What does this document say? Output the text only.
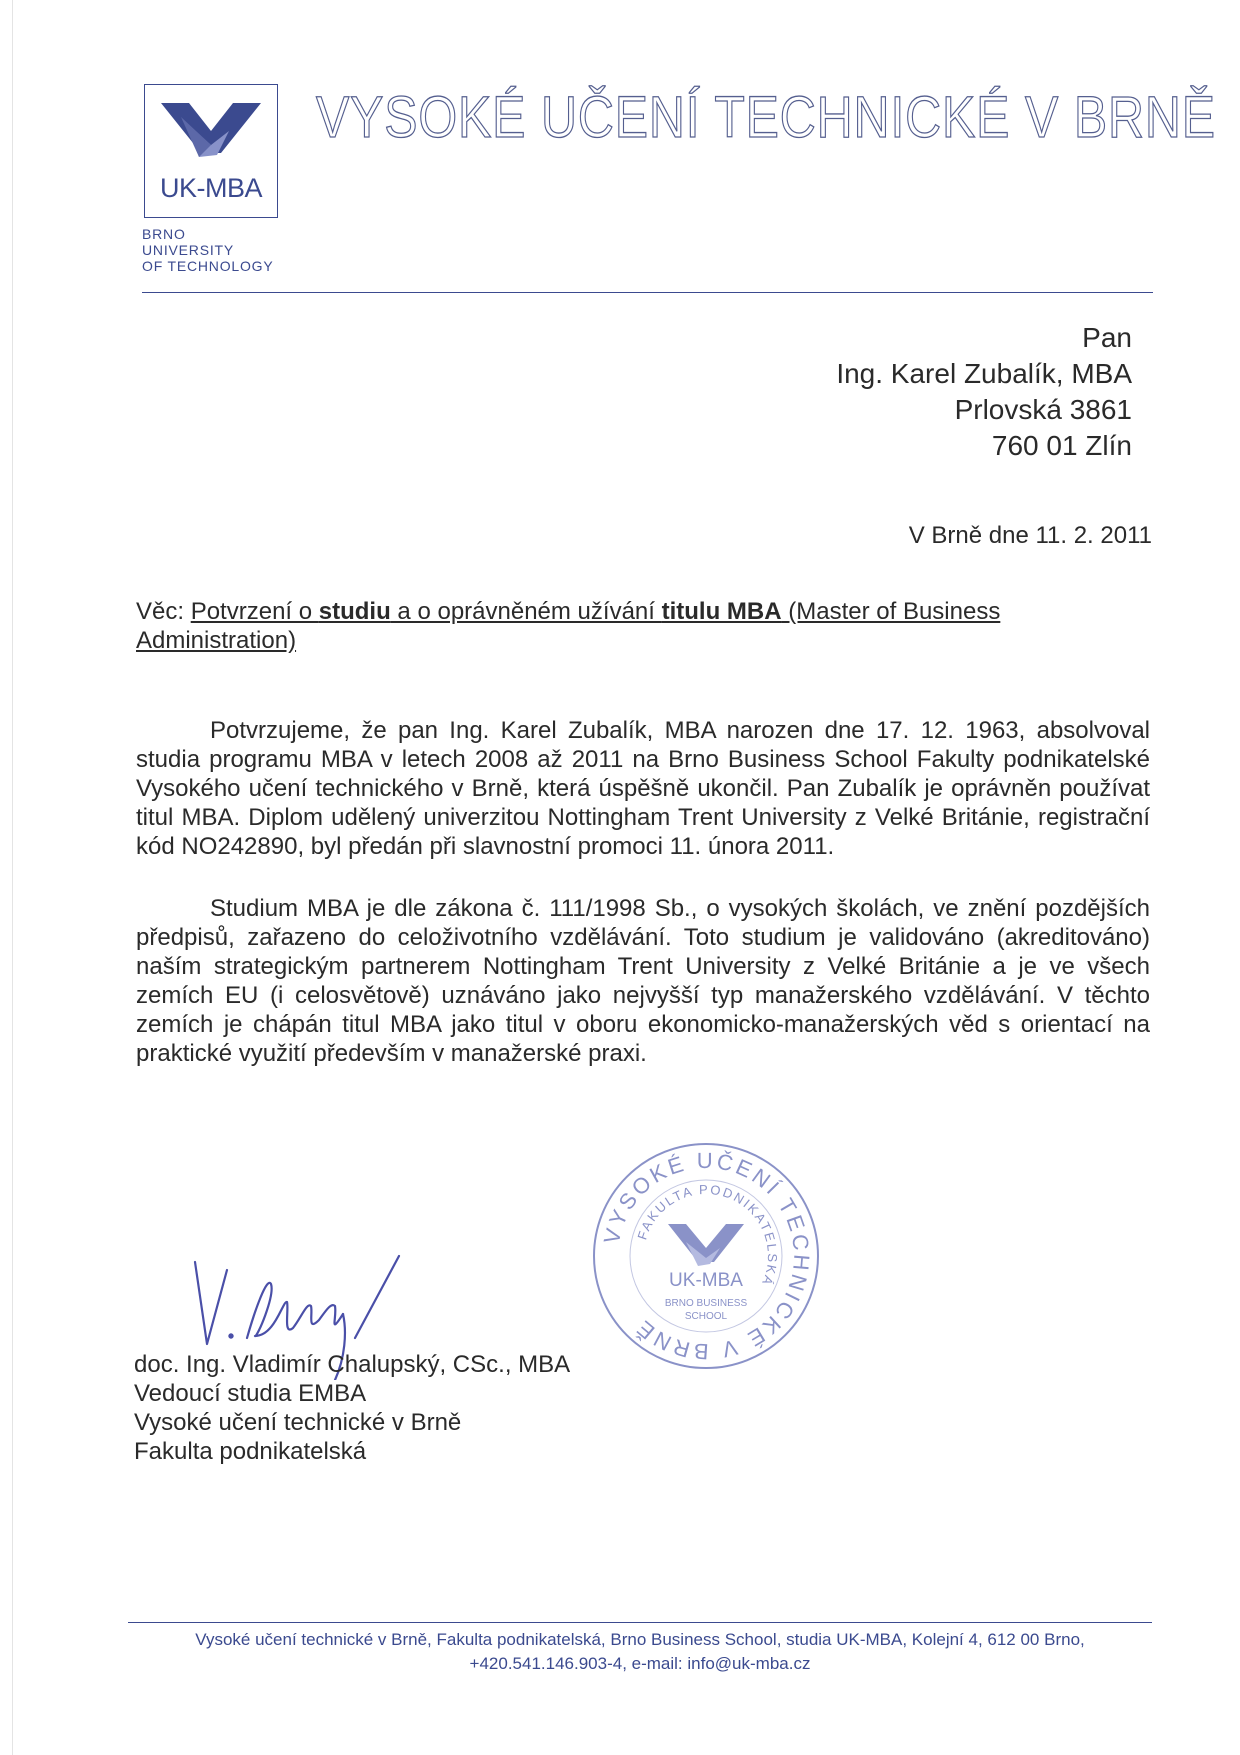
UK-MBA
BRNO
UNIVERSITY
OF TECHNOLOGY
VYSOKÉ UČENÍ TECHNICKÉ V BRNĚ
Pan
Ing. Karel Zubalík, MBA
Prlovská 3861
760 01 Zlín
V Brně dne 11. 2. 2011
Věc: Potvrzení o studiu a o oprávněném užívání titulu MBA (Master of Business Administration)
Potvrzujeme, že pan Ing. Karel Zubalík, MBA narozen dne 17. 12. 1963, absolvoval studia programu MBA v letech 2008 až 2011 na Brno Business School Fakulty podnikatelské Vysokého učení technického v Brně, která úspěšně ukončil. Pan Zubalík je oprávněn používat titul MBA. Diplom udělený univerzitou Nottingham Trent University z Velké Británie, registrační kód NO242890, byl předán při slavnostní promoci 11. února 2011.
Studium MBA je dle zákona č. 111/1998 Sb., o vysokých školách, ve znění pozdějších předpisů, zařazeno do celoživotního vzdělávání. Toto studium je validováno (akreditováno) naším strategickým partnerem Nottingham Trent University z Velké Británie a je ve všech zemích EU (i celosvětově) uznáváno jako nejvyšší typ manažerského vzdělávání. V těchto zemích je chápán titul MBA jako titul v oboru ekonomicko-manažerských věd s orientací na praktické využití především v manažerské praxi.
VYSOKÉ UČENÍ TECHNICKÉ V BRNĚ
FAKULTA PODNIKATELSKÁ
UK-MBA
BRNO BUSINESS
SCHOOL
doc. Ing. Vladimír Chalupský, CSc., MBA
Vedoucí studia EMBA
Vysoké učení technické v Brně
Fakulta podnikatelská
Vysoké učení technické v Brně, Fakulta podnikatelská, Brno Business School, studia UK-MBA, Kolejní 4, 612 00 Brno,
+420.541.146.903-4, e-mail: info@uk-mba.cz
